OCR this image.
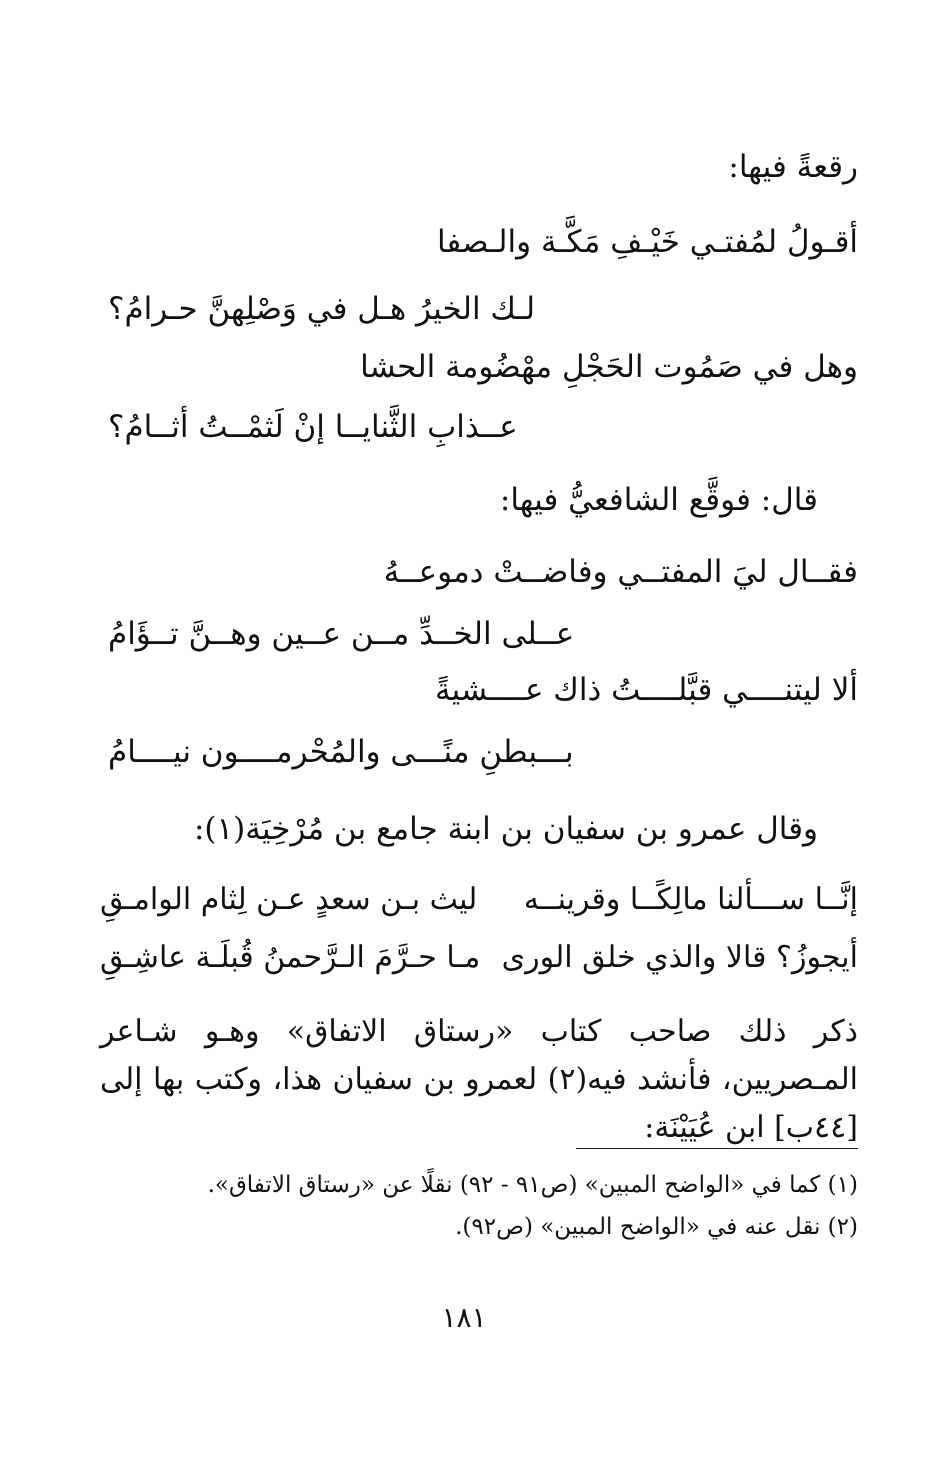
رقعةً فيها:
أقـولُ لمُفتـي خَيْـفِ مَكَّـة والـصفا
لـك الخيرُ هـل في وَصْلِهنَّ حـرامُ؟
وهل في صَمُوت الحَجْلِ مهْضُومة الحشا
عــذابِ الثَّنايــا إنْ لَثمْــتُ أثــامُ؟
قال: فوقَّع الشافعيُّ فيها:
فقــال ليَ المفتــي وفاضــتْ دموعــهُ
عــلى الخــدِّ مــن عــين وهــنَّ تــؤَامُ
ألا ليتنــــي قبَّلــــتُ ذاك عــــشيةً
بـــبطنِ منًـــى والمُحْرمــــون نيــــامُ
وقال عمرو بن سفيان بن ابنة جامع بن مُرْخِيَة(١):
إنَّــا ســـألنا مالِكًــا وقرينــه
ليث بـن سعدٍ عـن لِثام الوامـقِ
أيجوزُ؟ قالا والذي خلق الورى
مـا حـرَّمَ الـرَّحمنُ قُبلَـة عاشِـقِ
ذكر ذلك صاحب كتاب «رستاق الاتفاق» وهـو شـاعر المـصريين، فأنشد فيه(٢) لعمرو بن سفيان هذا، وكتب بها إلى [٤٤ب] ابن عُيَيْنَة:
(١) كما في «الواضح المبين» (ص٩١ - ٩٢) نقلًا عن «رستاق الاتفاق».
(٢) نقل عنه في «الواضح المبين» (ص٩٢).
١٨١
